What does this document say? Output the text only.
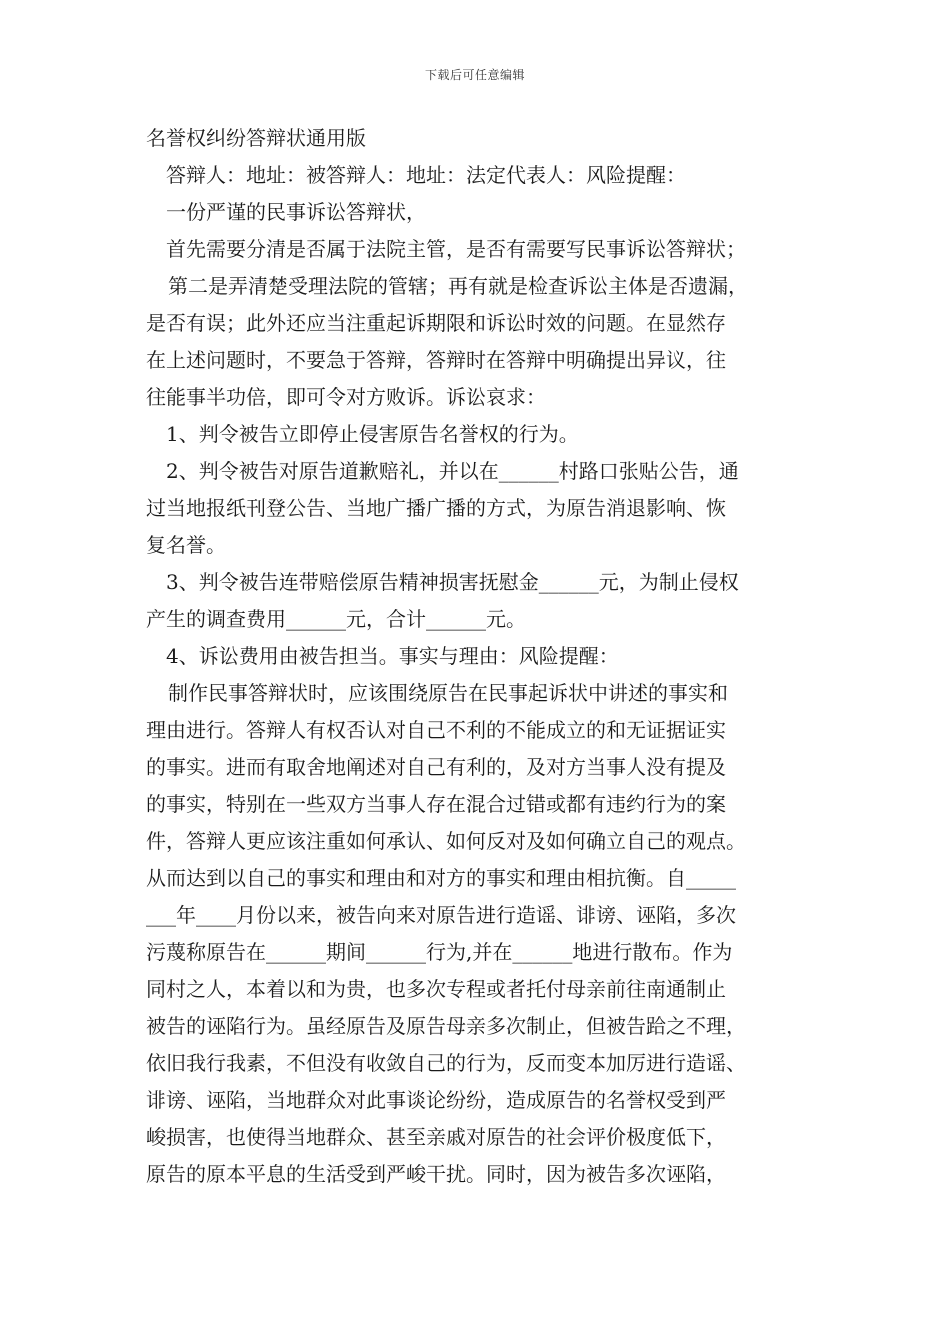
下载后可任意编辑

名誉权纠纷答辩状通用版

答辩人：地址：被答辩人：地址：法定代表人：风险提醒：

一份严谨的民事诉讼答辩状，

首先需要分清是否属于法院主管，是否有需要写民事诉讼答辩状；

第二是弄清楚受理法院的管辖；再有就是检查诉讼主体是否遗漏，

是否有误；此外还应当注重起诉期限和诉讼时效的问题。在显然存

在上述问题时，不要急于答辩，答辩时在答辩中明确提出异议，往

往能事半功倍，即可令对方败诉。诉讼哀求：

1、判令被告立即停止侵害原告名誉权的行为。

2、判令被告对原告道歉赔礼，并以在______村路口张贴公告，通

过当地报纸刊登公告、当地广播广播的方式，为原告消退影响、恢

复名誉。

3、判令被告连带赔偿原告精神损害抚慰金______元，为制止侵权

产生的调查费用______元，合计______元。

4、诉讼费用由被告担当。事实与理由：风险提醒：

制作民事答辩状时，应该围绕原告在民事起诉状中讲述的事实和

理由进行。答辩人有权否认对自己不利的不能成立的和无证据证实

的事实。进而有取舍地阐述对自己有利的，及对方当事人没有提及

的事实，特别在一些双方当事人存在混合过错或都有违约行为的案

件，答辩人更应该注重如何承认、如何反对及如何确立自己的观点。

从而达到以自己的事实和理由和对方的事实和理由相抗衡。自_____

___年____月份以来，被告向来对原告进行造谣、诽谤、诬陷，多次

污蔑称原告在______期间______行为,并在______地进行散布。作为

同村之人，本着以和为贵，也多次专程或者托付母亲前往南通制止

被告的诬陷行为。虽经原告及原告母亲多次制止，但被告跲之不理，

依旧我行我素，不但没有收敛自己的行为，反而变本加厉进行造谣、

诽谤、诬陷，当地群众对此事谈论纷纷，造成原告的名誉权受到严

峻损害，也使得当地群众、甚至亲戚对原告的社会评价极度低下，

原告的原本平息的生活受到严峻干扰。同时，因为被告多次诬陷，
